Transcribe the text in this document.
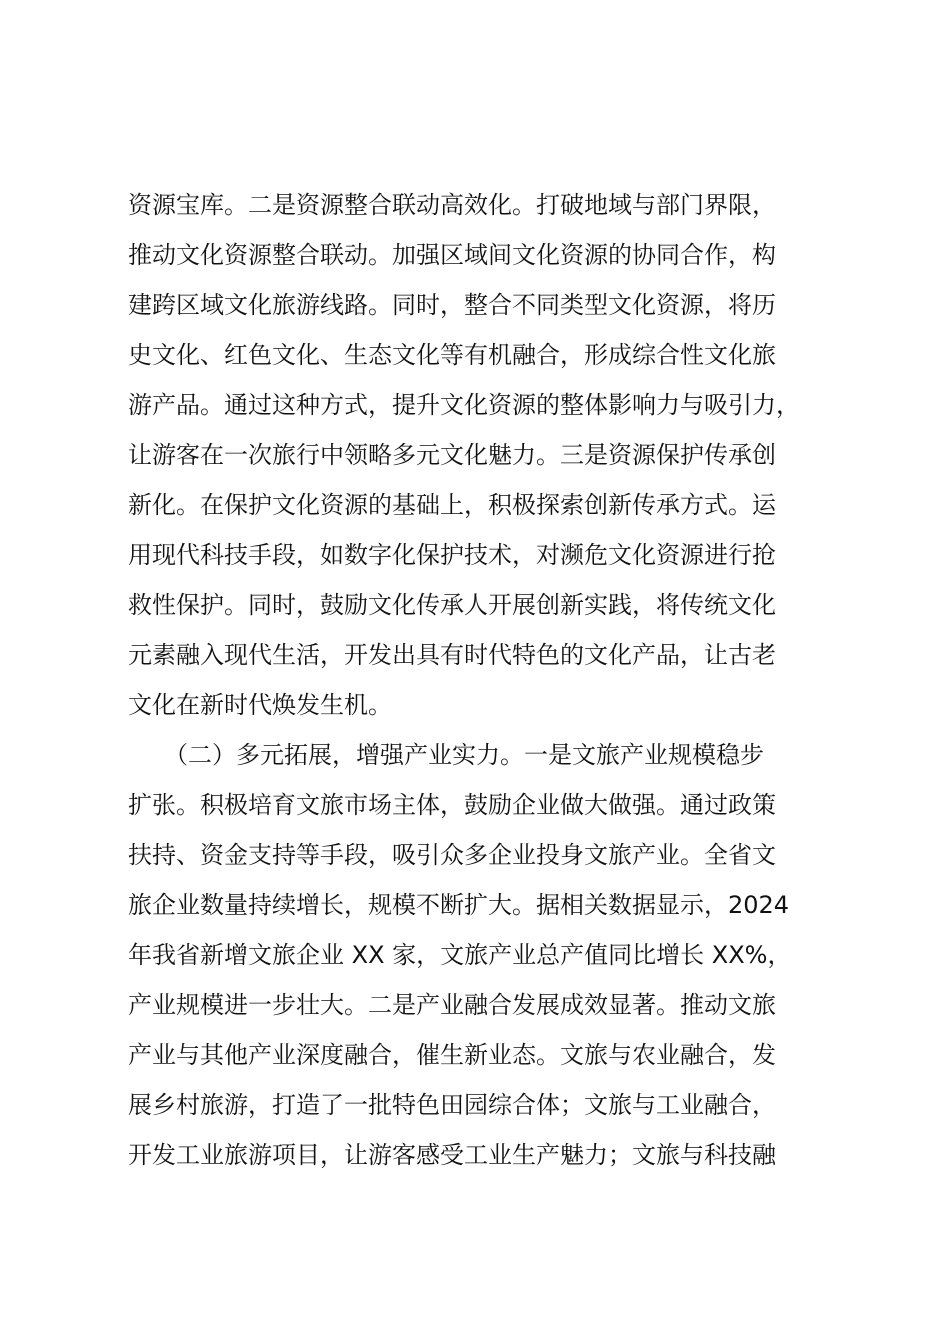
资源宝库。二是资源整合联动高效化。打破地域与部门界限，
推动文化资源整合联动。加强区域间文化资源的协同合作，构
建跨区域文化旅游线路。同时，整合不同类型文化资源，将历
史文化、红色文化、生态文化等有机融合，形成综合性文化旅
游产品。通过这种方式，提升文化资源的整体影响力与吸引力，
让游客在一次旅行中领略多元文化魅力。三是资源保护传承创
新化。在保护文化资源的基础上，积极探索创新传承方式。运
用现代科技手段，如数字化保护技术，对濒危文化资源进行抢
救性保护。同时，鼓励文化传承人开展创新实践，将传统文化
元素融入现代生活，开发出具有时代特色的文化产品，让古老
文化在新时代焕发生机。
　　（二）多元拓展，增强产业实力。一是文旅产业规模稳步
扩张。积极培育文旅市场主体，鼓励企业做大做强。通过政策
扶持、资金支持等手段，吸引众多企业投身文旅产业。全省文
旅企业数量持续增长，规模不断扩大。据相关数据显示，2024
年我省新增文旅企业 XX 家，文旅产业总产值同比增长 XX%，
产业规模进一步壮大。二是产业融合发展成效显著。推动文旅
产业与其他产业深度融合，催生新业态。文旅与农业融合，发
展乡村旅游，打造了一批特色田园综合体；文旅与工业融合，
开发工业旅游项目，让游客感受工业生产魅力；文旅与科技融
